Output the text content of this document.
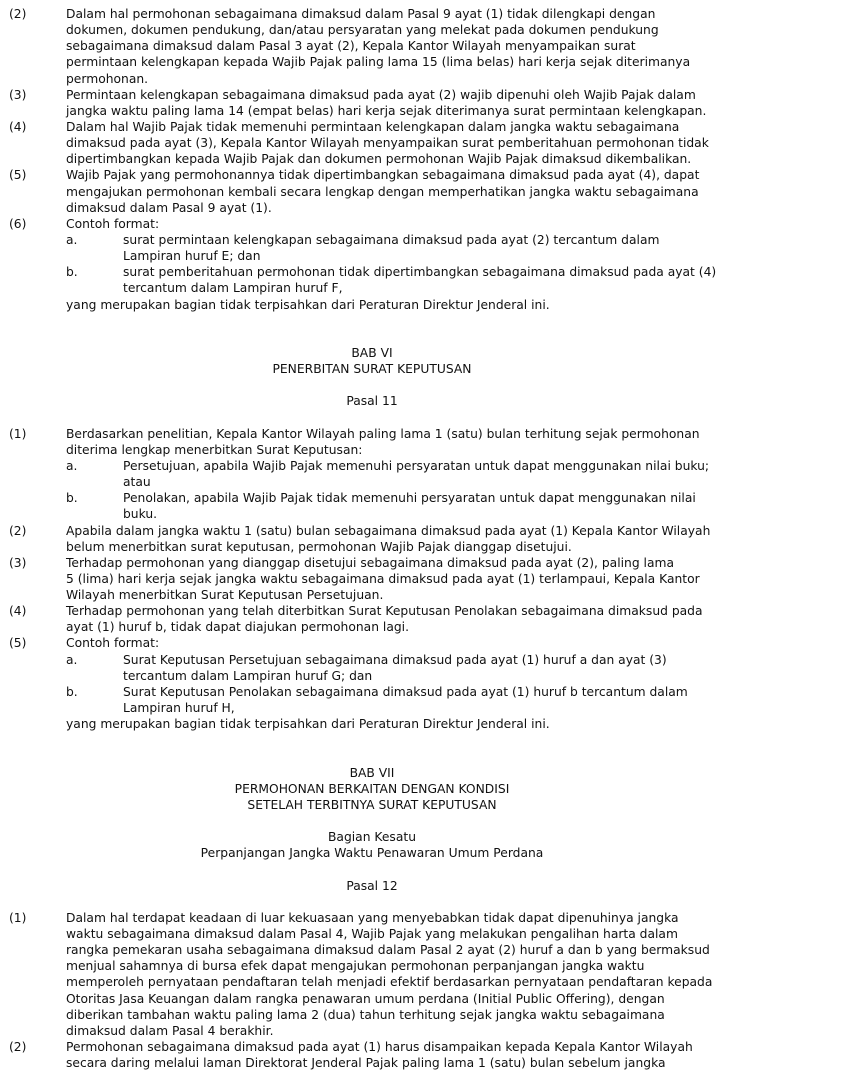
(2)	Dalam hal permohonan sebagaimana dimaksud dalam Pasal 9 ayat (1) tidak dilengkapi dengan
dokumen, dokumen pendukung, dan/atau persyaratan yang melekat pada dokumen pendukung
sebagaimana dimaksud dalam Pasal 3 ayat (2), Kepala Kantor Wilayah menyampaikan surat
permintaan kelengkapan kepada Wajib Pajak paling lama 15 (lima belas) hari kerja sejak diterimanya
permohonan.
(3)	Permintaan kelengkapan sebagaimana dimaksud pada ayat (2) wajib dipenuhi oleh Wajib Pajak dalam
jangka waktu paling lama 14 (empat belas) hari kerja sejak diterimanya surat permintaan kelengkapan.
(4)	Dalam hal Wajib Pajak tidak memenuhi permintaan kelengkapan dalam jangka waktu sebagaimana
dimaksud pada ayat (3), Kepala Kantor Wilayah menyampaikan surat pemberitahuan permohonan tidak
dipertimbangkan kepada Wajib Pajak dan dokumen permohonan Wajib Pajak dimaksud dikembalikan.
(5)	Wajib Pajak yang permohonannya tidak dipertimbangkan sebagaimana dimaksud pada ayat (4), dapat
mengajukan permohonan kembali secara lengkap dengan memperhatikan jangka waktu sebagaimana
dimaksud dalam Pasal 9 ayat (1).
(6)	Contoh format:
a.	surat permintaan kelengkapan sebagaimana dimaksud pada ayat (2) tercantum dalam
Lampiran huruf E; dan
b.	surat pemberitahuan permohonan tidak dipertimbangkan sebagaimana dimaksud pada ayat (4)
tercantum dalam Lampiran huruf F,
yang merupakan bagian tidak terpisahkan dari Peraturan Direktur Jenderal ini.
BAB VI
PENERBITAN SURAT KEPUTUSAN
Pasal 11
(1)	Berdasarkan penelitian, Kepala Kantor Wilayah paling lama 1 (satu) bulan terhitung sejak permohonan
diterima lengkap menerbitkan Surat Keputusan:
a.	Persetujuan, apabila Wajib Pajak memenuhi persyaratan untuk dapat menggunakan nilai buku;
atau
b.	Penolakan, apabila Wajib Pajak tidak memenuhi persyaratan untuk dapat menggunakan nilai
buku.
(2)	Apabila dalam jangka waktu 1 (satu) bulan sebagaimana dimaksud pada ayat (1) Kepala Kantor Wilayah
belum menerbitkan surat keputusan, permohonan Wajib Pajak dianggap disetujui.
(3)	Terhadap permohonan yang dianggap disetujui sebagaimana dimaksud pada ayat (2), paling lama
5 (lima) hari kerja sejak jangka waktu sebagaimana dimaksud pada ayat (1) terlampaui, Kepala Kantor
Wilayah menerbitkan Surat Keputusan Persetujuan.
(4)	Terhadap permohonan yang telah diterbitkan Surat Keputusan Penolakan sebagaimana dimaksud pada
ayat (1) huruf b, tidak dapat diajukan permohonan lagi.
(5)	Contoh format:
a.	Surat Keputusan Persetujuan sebagaimana dimaksud pada ayat (1) huruf a dan ayat (3)
tercantum dalam Lampiran huruf G; dan
b.	Surat Keputusan Penolakan sebagaimana dimaksud pada ayat (1) huruf b tercantum dalam
Lampiran huruf H,
yang merupakan bagian tidak terpisahkan dari Peraturan Direktur Jenderal ini.
BAB VII
PERMOHONAN BERKAITAN DENGAN KONDISI
SETELAH TERBITNYA SURAT KEPUTUSAN
Bagian Kesatu
Perpanjangan Jangka Waktu Penawaran Umum Perdana
Pasal 12
(1)	Dalam hal terdapat keadaan di luar kekuasaan yang menyebabkan tidak dapat dipenuhinya jangka
waktu sebagaimana dimaksud dalam Pasal 4, Wajib Pajak yang melakukan pengalihan harta dalam
rangka pemekaran usaha sebagaimana dimaksud dalam Pasal 2 ayat (2) huruf a dan b yang bermaksud
menjual sahamnya di bursa efek dapat mengajukan permohonan perpanjangan jangka waktu
memperoleh pernyataan pendaftaran telah menjadi efektif berdasarkan pernyataan pendaftaran kepada
Otoritas Jasa Keuangan dalam rangka penawaran umum perdana (Initial Public Offering), dengan
diberikan tambahan waktu paling lama 2 (dua) tahun terhitung sejak jangka waktu sebagaimana
dimaksud dalam Pasal 4 berakhir.
(2)	Permohonan sebagaimana dimaksud pada ayat (1) harus disampaikan kepada Kepala Kantor Wilayah
secara daring melalui laman Direktorat Jenderal Pajak paling lama 1 (satu) bulan sebelum jangka
